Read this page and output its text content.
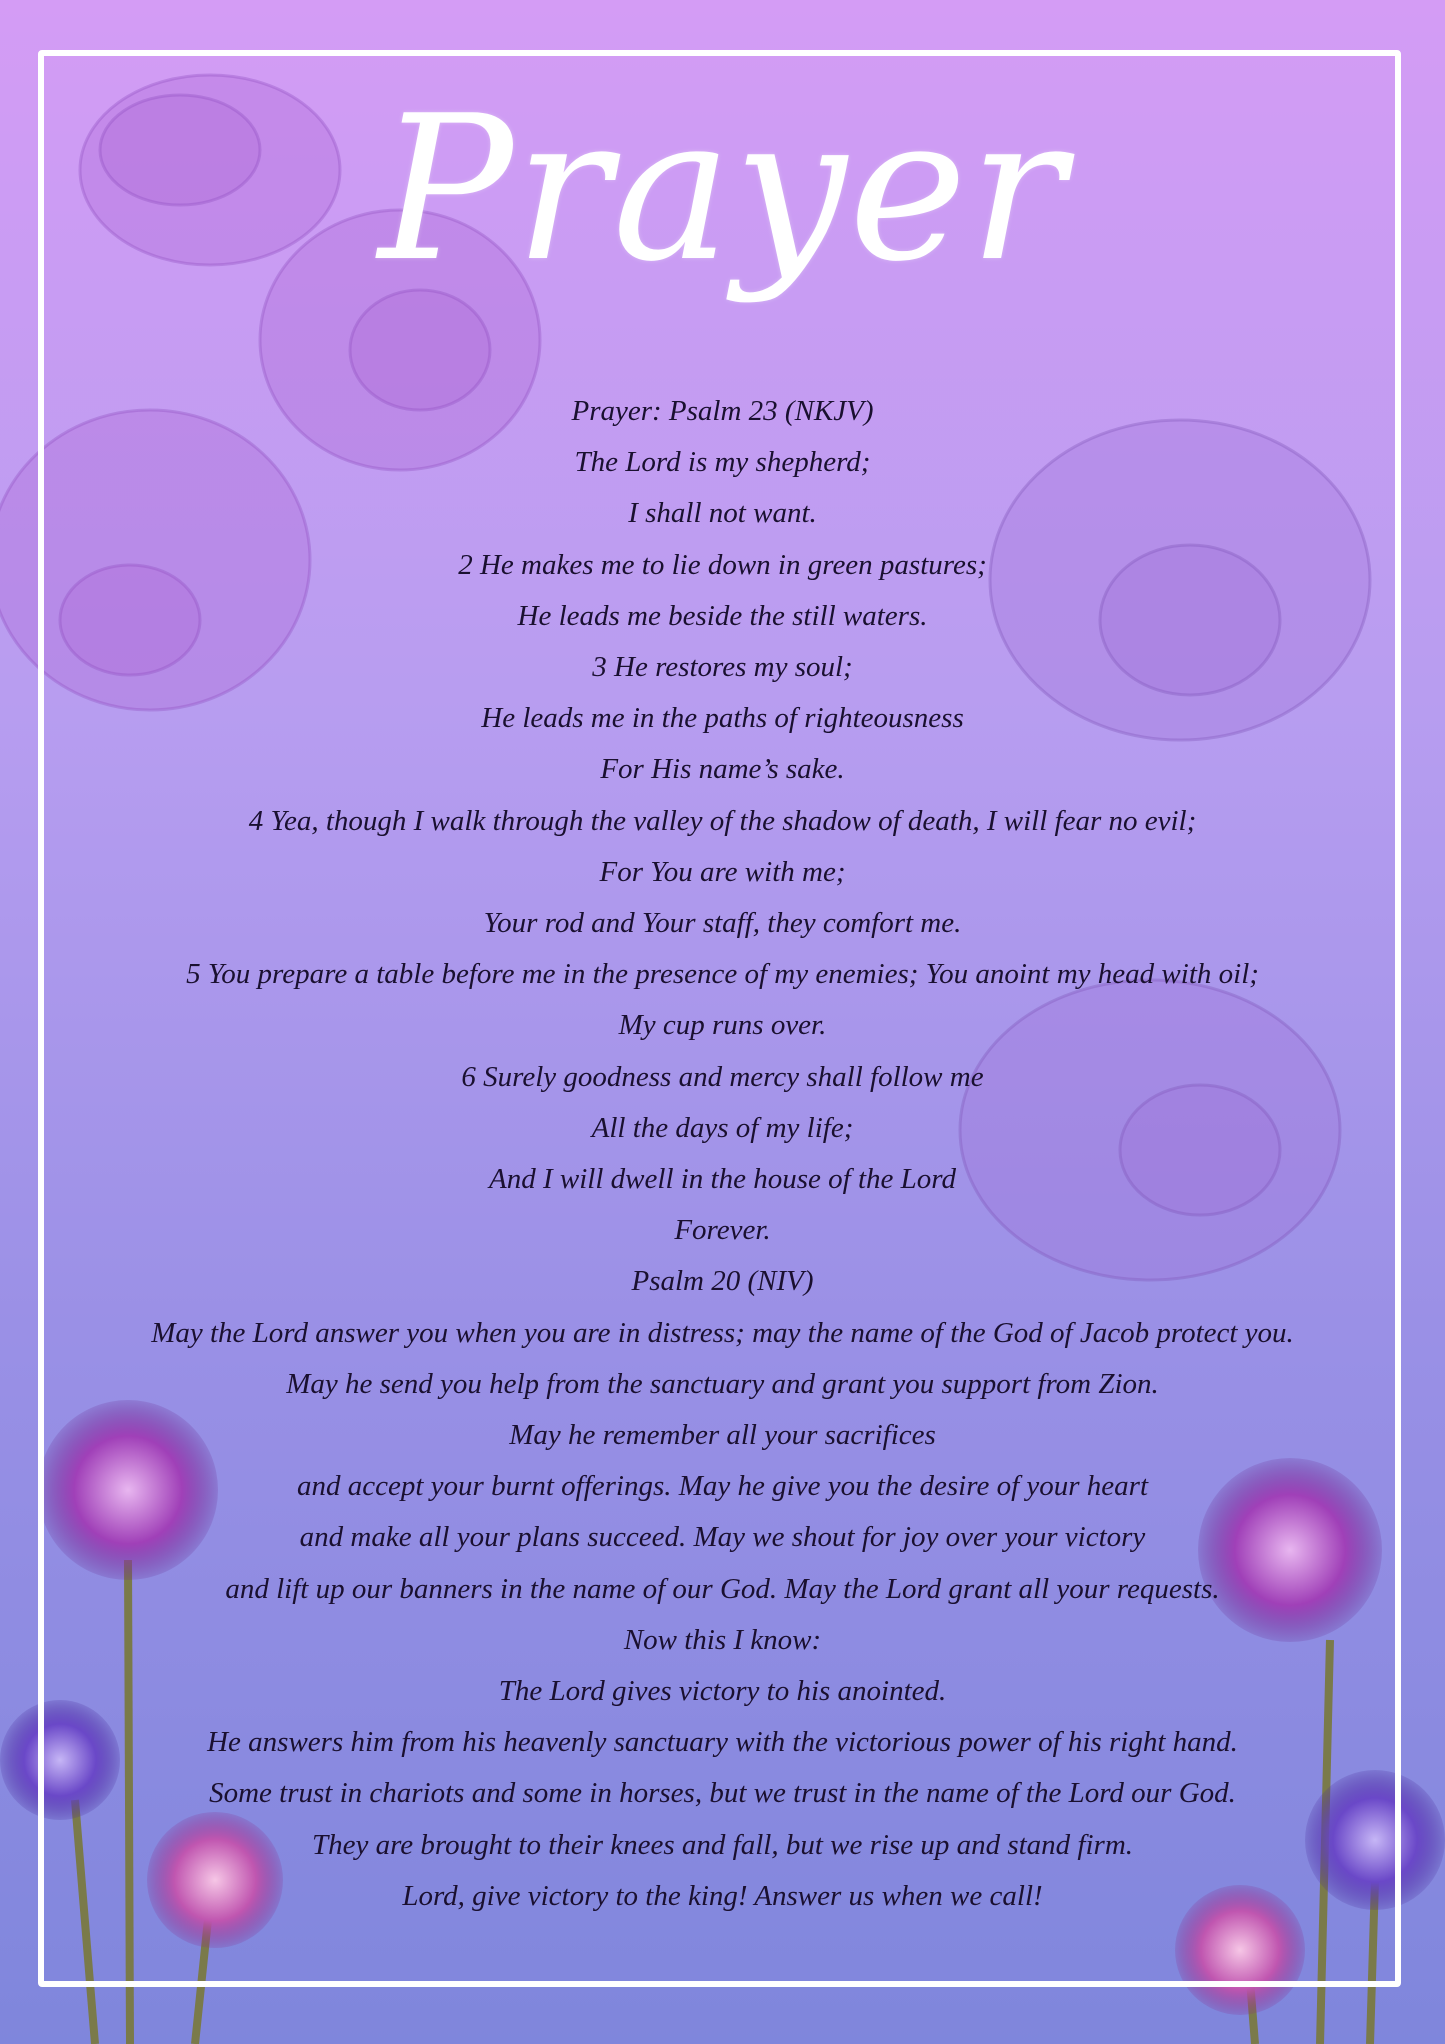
Prayer
Prayer: Psalm 23 (NKJV)
The Lord is my shepherd;
I shall not want.
2 He makes me to lie down in green pastures;
He leads me beside the still waters.
3 He restores my soul;
He leads me in the paths of righteousness
For His name’s sake.
4 Yea, though I walk through the valley of the shadow of death, I will fear no evil;
For You are with me;
Your rod and Your staff, they comfort me.
5 You prepare a table before me in the presence of my enemies; You anoint my head with oil;
My cup runs over.
6 Surely goodness and mercy shall follow me
All the days of my life;
And I will dwell in the house of the Lord
Forever.
Psalm 20 (NIV)
May the Lord answer you when you are in distress; may the name of the God of Jacob protect you.
May he send you help from the sanctuary and grant you support from Zion.
May he remember all your sacrifices
and accept your burnt offerings. May he give you the desire of your heart
and make all your plans succeed. May we shout for joy over your victory
and lift up our banners in the name of our God. May the Lord grant all your requests.
Now this I know:
The Lord gives victory to his anointed.
He answers him from his heavenly sanctuary with the victorious power of his right hand.
Some trust in chariots and some in horses, but we trust in the name of the Lord our God.
They are brought to their knees and fall, but we rise up and stand firm.
Lord, give victory to the king! Answer us when we call!
